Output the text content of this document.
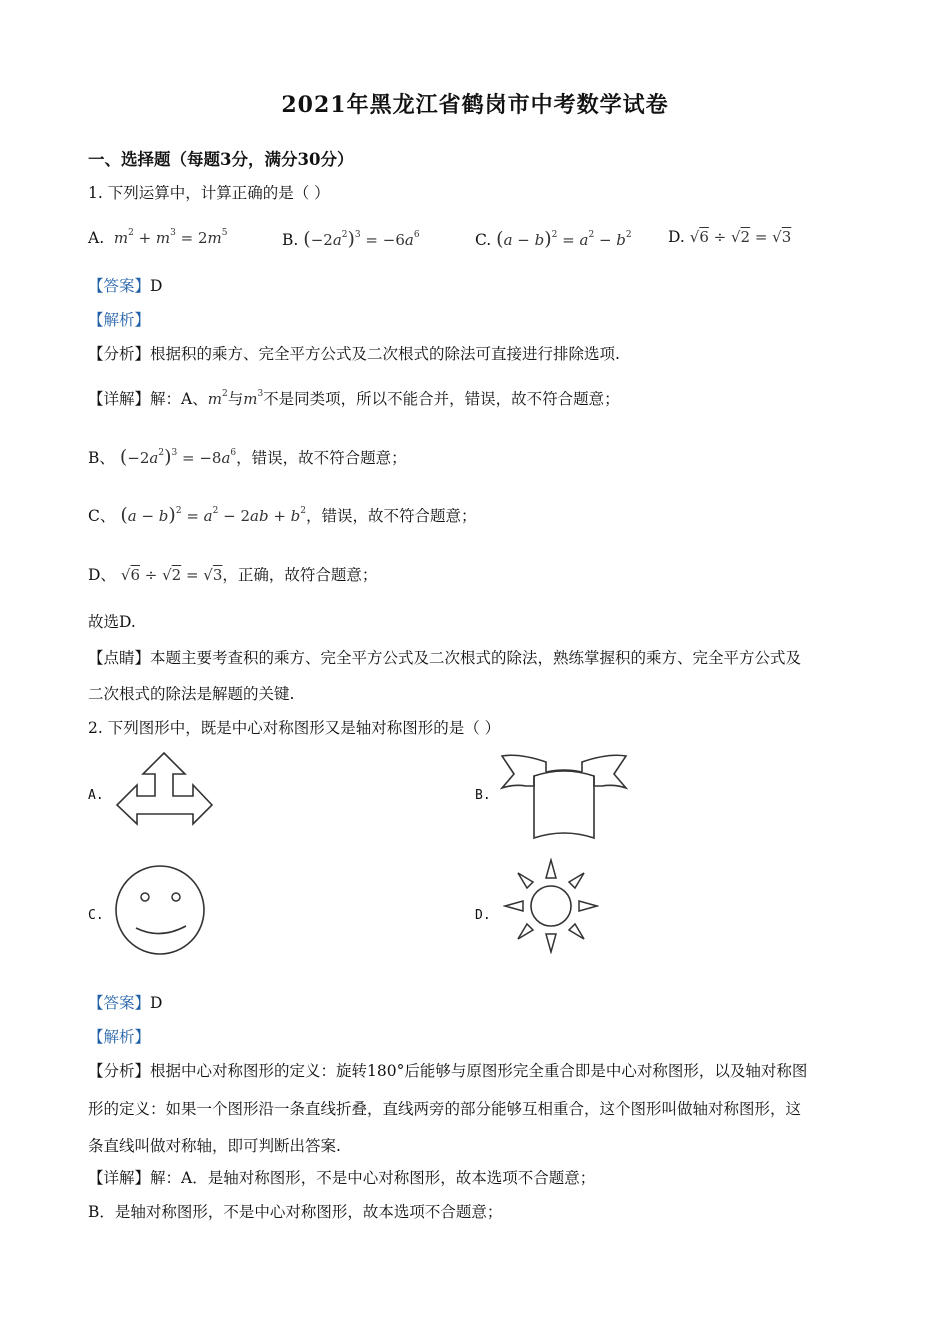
2021年黑龙江省鹤岗市中考数学试卷
一、选择题（每题3分，满分30分）
1. 下列运算中，计算正确的是（ ）
A.  $m^2 + m^3 = 2m^5$	B. $(-2a^2)^3 = -6a^6$	C. $(a - b)^2 = a^2 - b^2$ D. √6 ÷ √2 = √3
【答案】D
【解析】
【分析】根据积的乘方、完全平方公式及二次根式的除法可直接进行排除选项.
【详解】解：A、$m^2$与$m^3$不是同类项，所以不能合并，错误，故不符合题意；
B、 $(-2a^2)^3 = -8a^6$，错误，故不符合题意；
C、 $(a - b)^2 = a^2 - 2ab + b^2$，错误，故不符合题意；
D、 √6 ÷ √2 = √3，正确，故符合题意；
故选D.
【点睛】本题主要考查积的乘方、完全平方公式及二次根式的除法，熟练掌握积的乘方、完全平方公式及
二次根式的除法是解题的关键.
2. 下列图形中，既是中心对称图形又是轴对称图形的是（ ）
A.	B.
C.	D.
【答案】D
【解析】
【分析】根据中心对称图形的定义：旋转180°后能够与原图形完全重合即是中心对称图形，以及轴对称图
形的定义：如果一个图形沿一条直线折叠，直线两旁的部分能够互相重合，这个图形叫做轴对称图形，这
条直线叫做对称轴，即可判断出答案.
【详解】解：A．是轴对称图形，不是中心对称图形，故本选项不合题意；
B．是轴对称图形，不是中心对称图形，故本选项不合题意；
